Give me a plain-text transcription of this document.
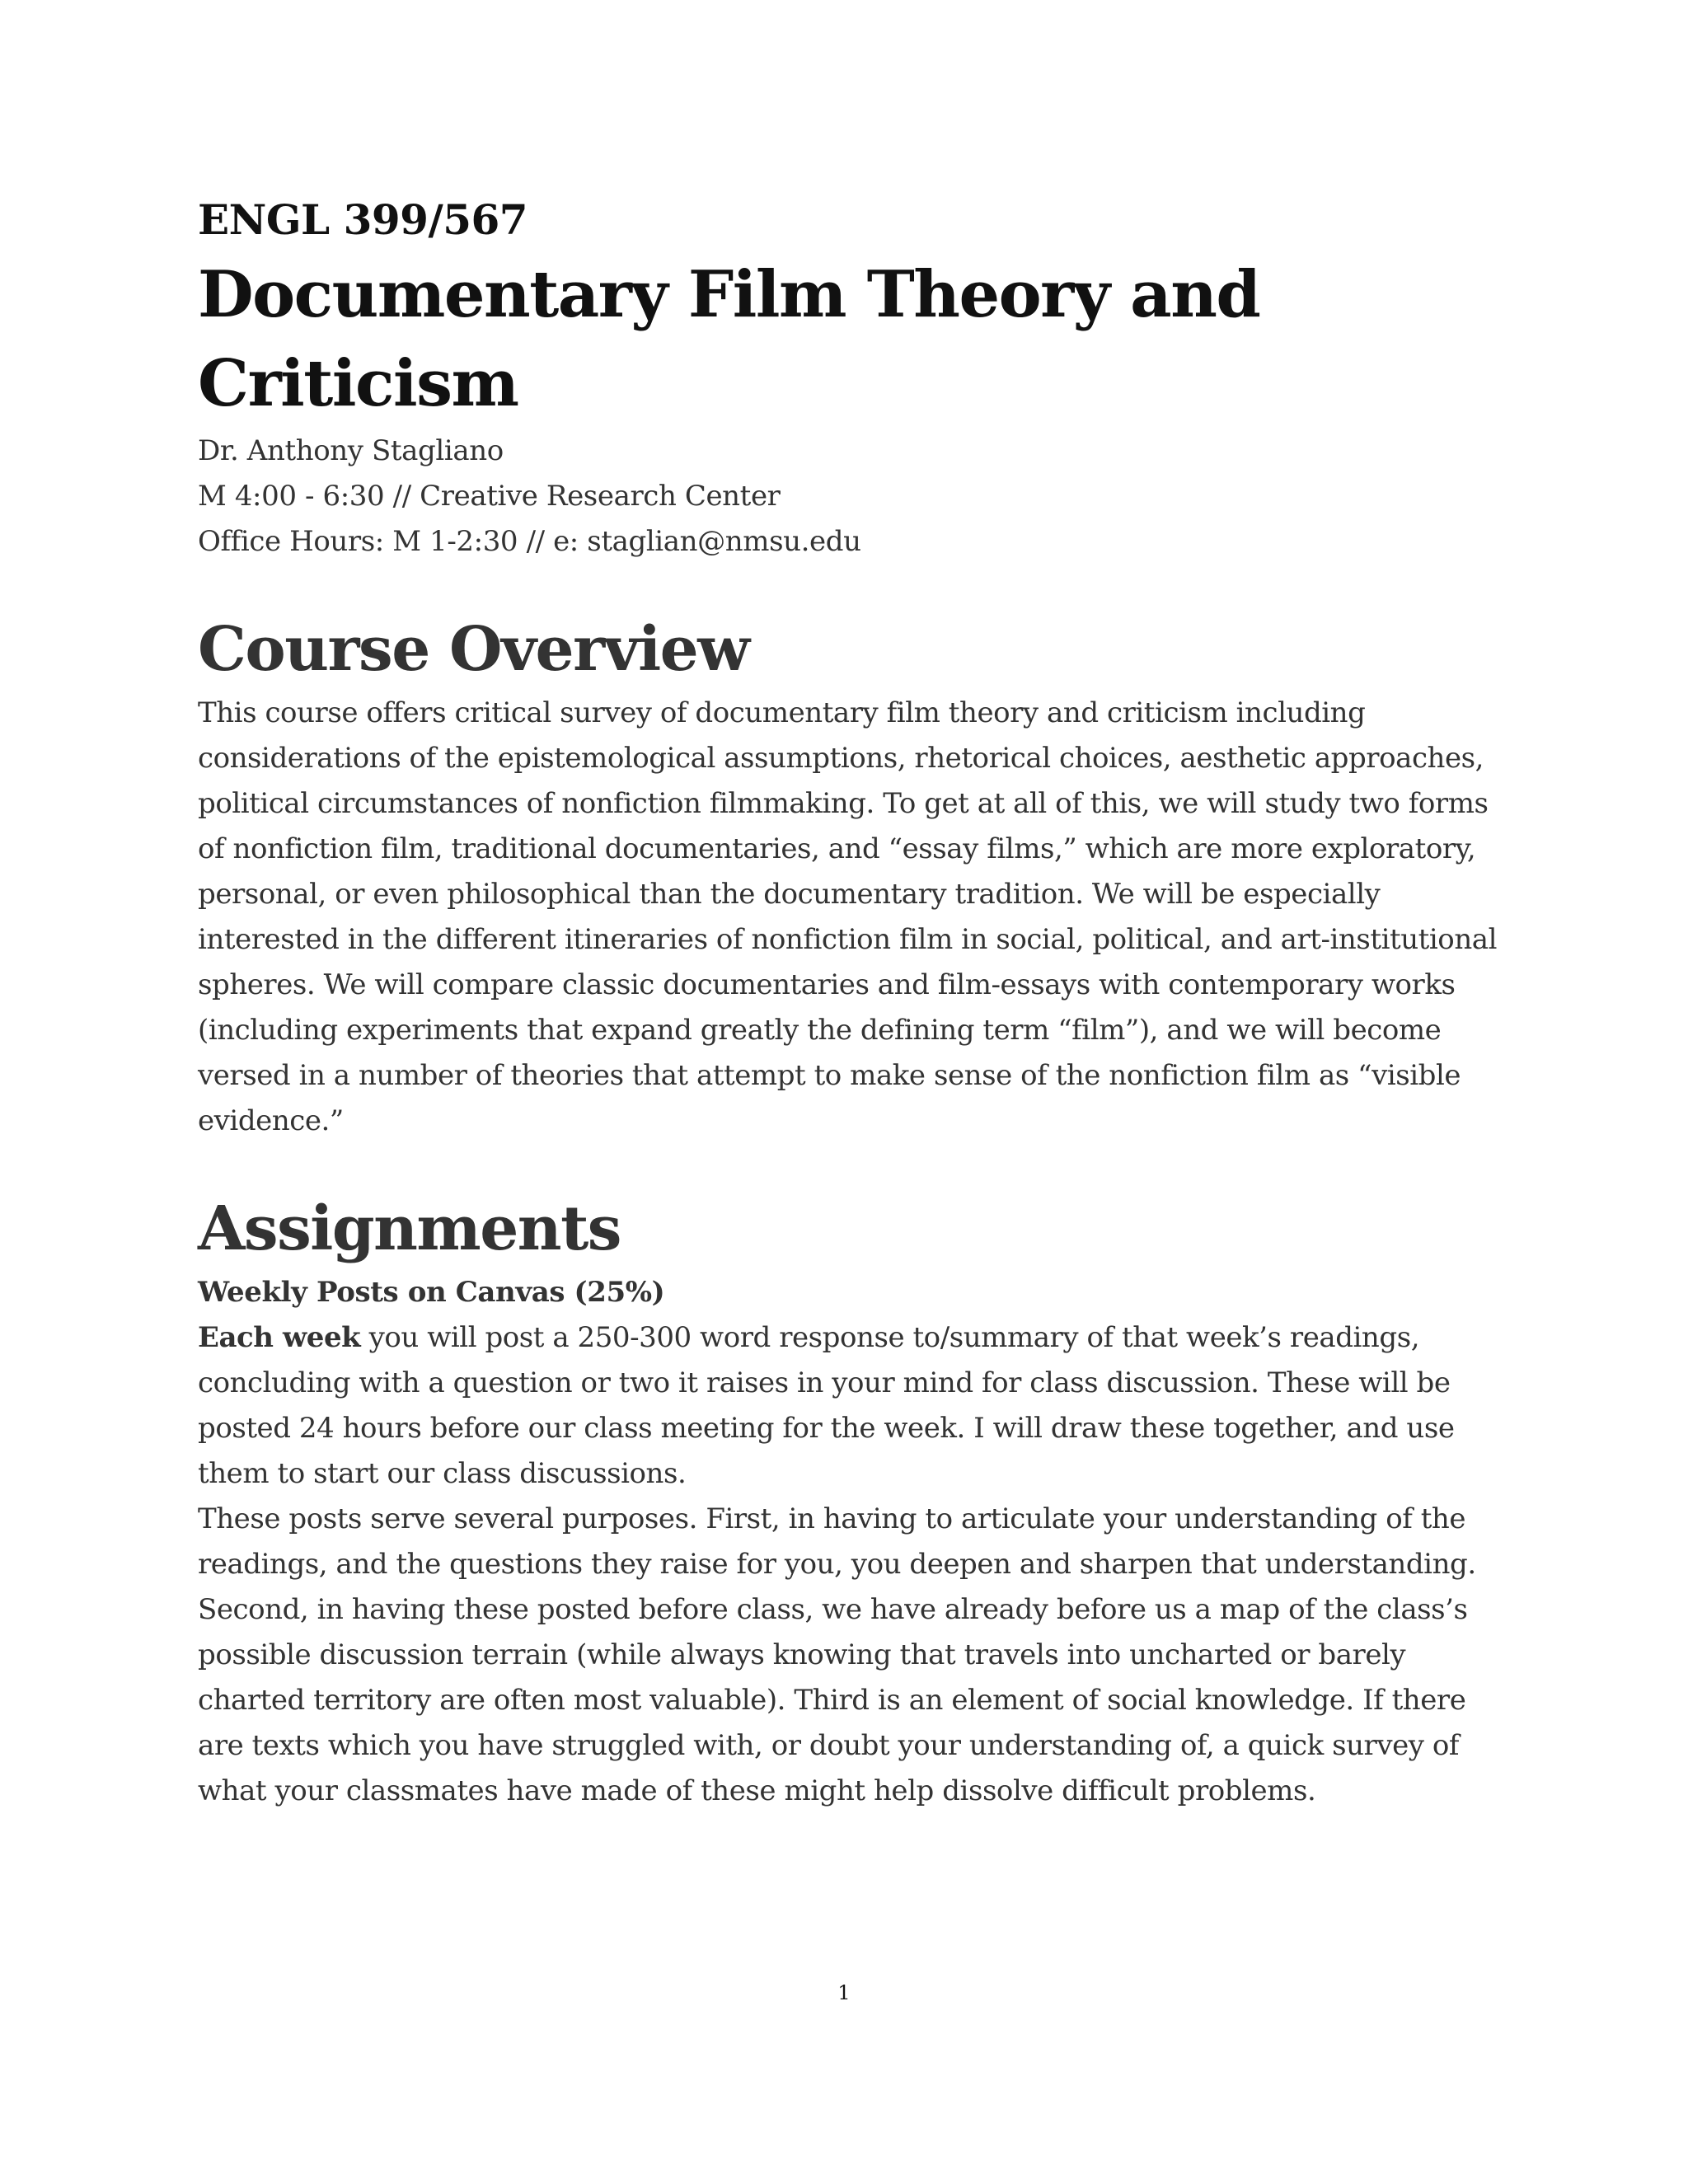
ENGL 399/567
Documentary Film Theory and Criticism
Dr. Anthony Stagliano
M 4:00 - 6:30 // Creative Research Center
Office Hours: M 1-2:30 // e: staglian@nmsu.edu
Course Overview

This course offers critical survey of documentary film theory and criticism including considerations of the epistemological assumptions, rhetorical choices, aesthetic approaches, political circumstances of nonfiction filmmaking. To get at all of this, we will study two forms of nonfiction film, traditional documentaries, and “essay films,” which are more exploratory, personal, or even philosophical than the documentary tradition. We will be especially interested in the different itineraries of nonfiction film in social, political, and art-institutional spheres. We will compare classic documentaries and film-essays with contemporary works (including experiments that expand greatly the defining term “film”), and we will become versed in a number of theories that attempt to make sense of the nonfiction film as “visible evidence.”

Assignments

Weekly Posts on Canvas (25%)

Each week you will post a 250-300 word response to/summary of that week’s readings, concluding with a question or two it raises in your mind for class discussion. These will be posted 24 hours before our class meeting for the week. I will draw these together, and use them to start our class discussions.

These posts serve several purposes. First, in having to articulate your understanding of the readings, and the questions they raise for you, you deepen and sharpen that understanding. Second, in having these posted before class, we have already before us a map of the class’s possible discussion terrain (while always knowing that travels into uncharted or barely charted territory are often most valuable). Third is an element of social knowledge. If there are texts which you have struggled with, or doubt your understanding of, a quick survey of what your classmates have made of these might help dissolve difficult problems.

1
